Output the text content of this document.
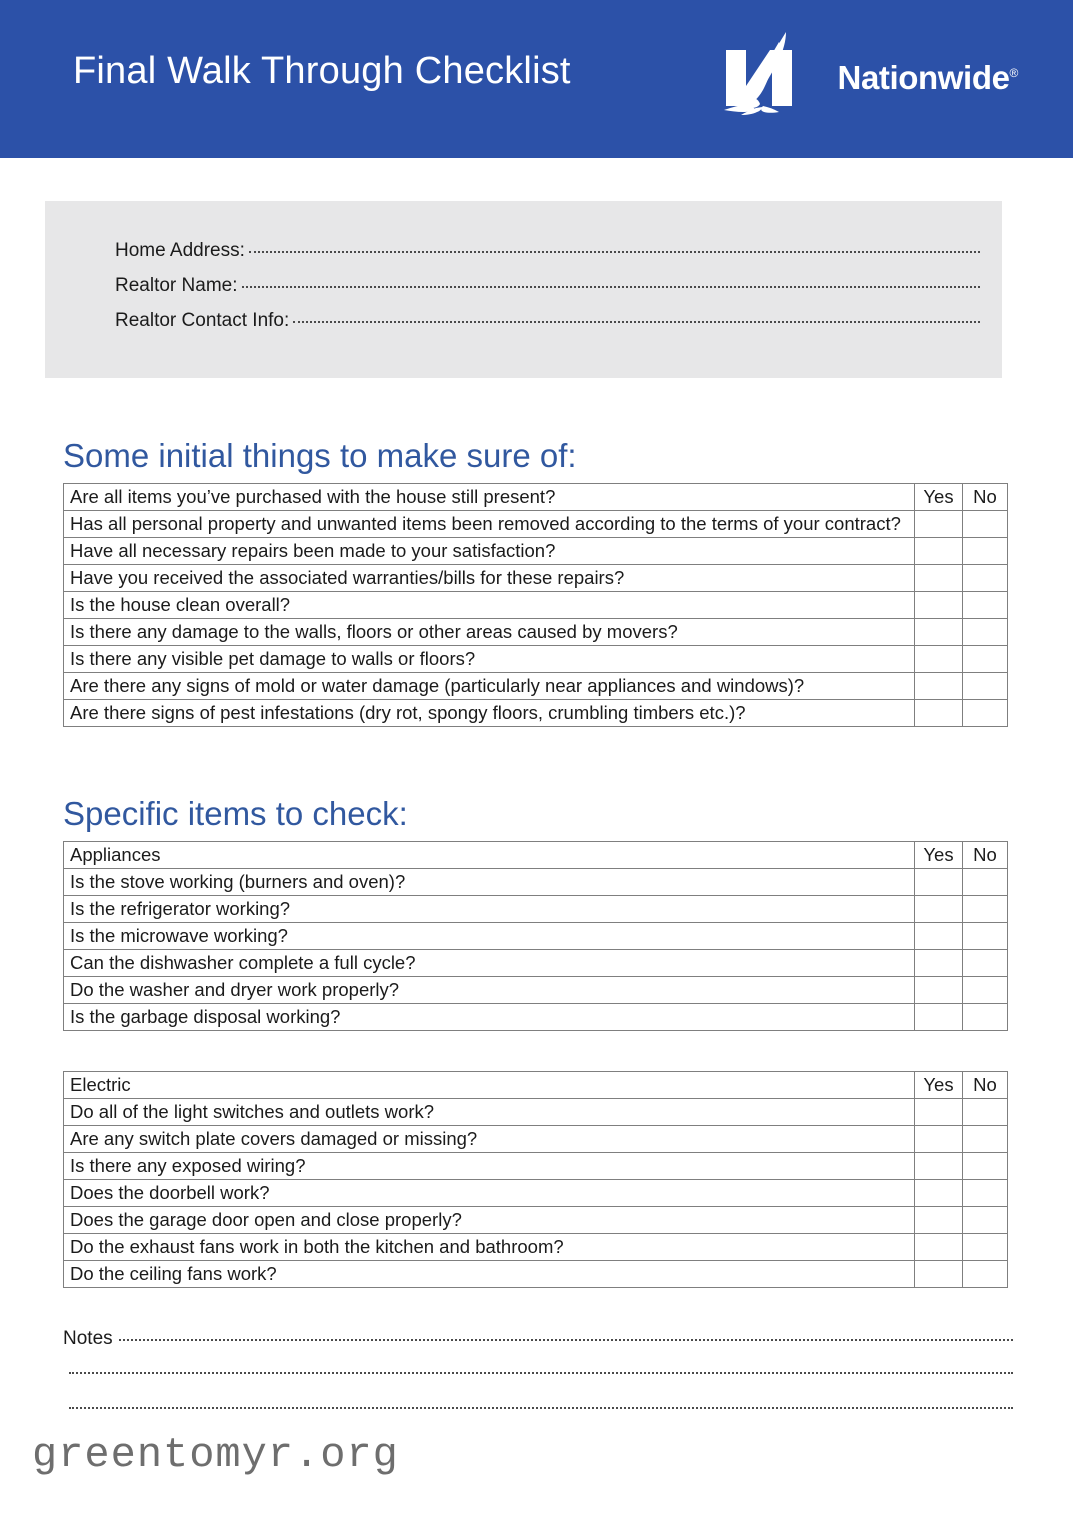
Final Walk Through Checklist	Nationwide®
Home Address:
Realtor Name:
Realtor Contact Info:
Some initial things to make sure of:
Are all items you’ve purchased with the house still present?	Yes	No
Has all personal property and unwanted items been removed according to the terms of your contract?		
Have all necessary repairs been made to your satisfaction?		
Have you received the associated warranties/bills for these repairs?		
Is the house clean overall?		
Is there any damage to the walls, floors or other areas caused by movers?		
Is there any visible pet damage to walls or floors?		
Are there any signs of mold or water damage (particularly near appliances and windows)?		
Are there signs of pest infestations (dry rot, spongy floors, crumbling timbers etc.)?		
Specific items to check:
Appliances	Yes	No
Is the stove working (burners and oven)?		
Is the refrigerator working?		
Is the microwave working?		
Can the dishwasher complete a full cycle?		
Do the washer and dryer work properly?		
Is the garbage disposal working?		
Electric	Yes	No
Do all of the light switches and outlets work?		
Are any switch plate covers damaged or missing?		
Is there any exposed wiring?		
Does the doorbell work?		
Does the garage door open and close properly?		
Do the exhaust fans work in both the kitchen and bathroom?		
Do the ceiling fans work?		
Notes
greentomyr.org
